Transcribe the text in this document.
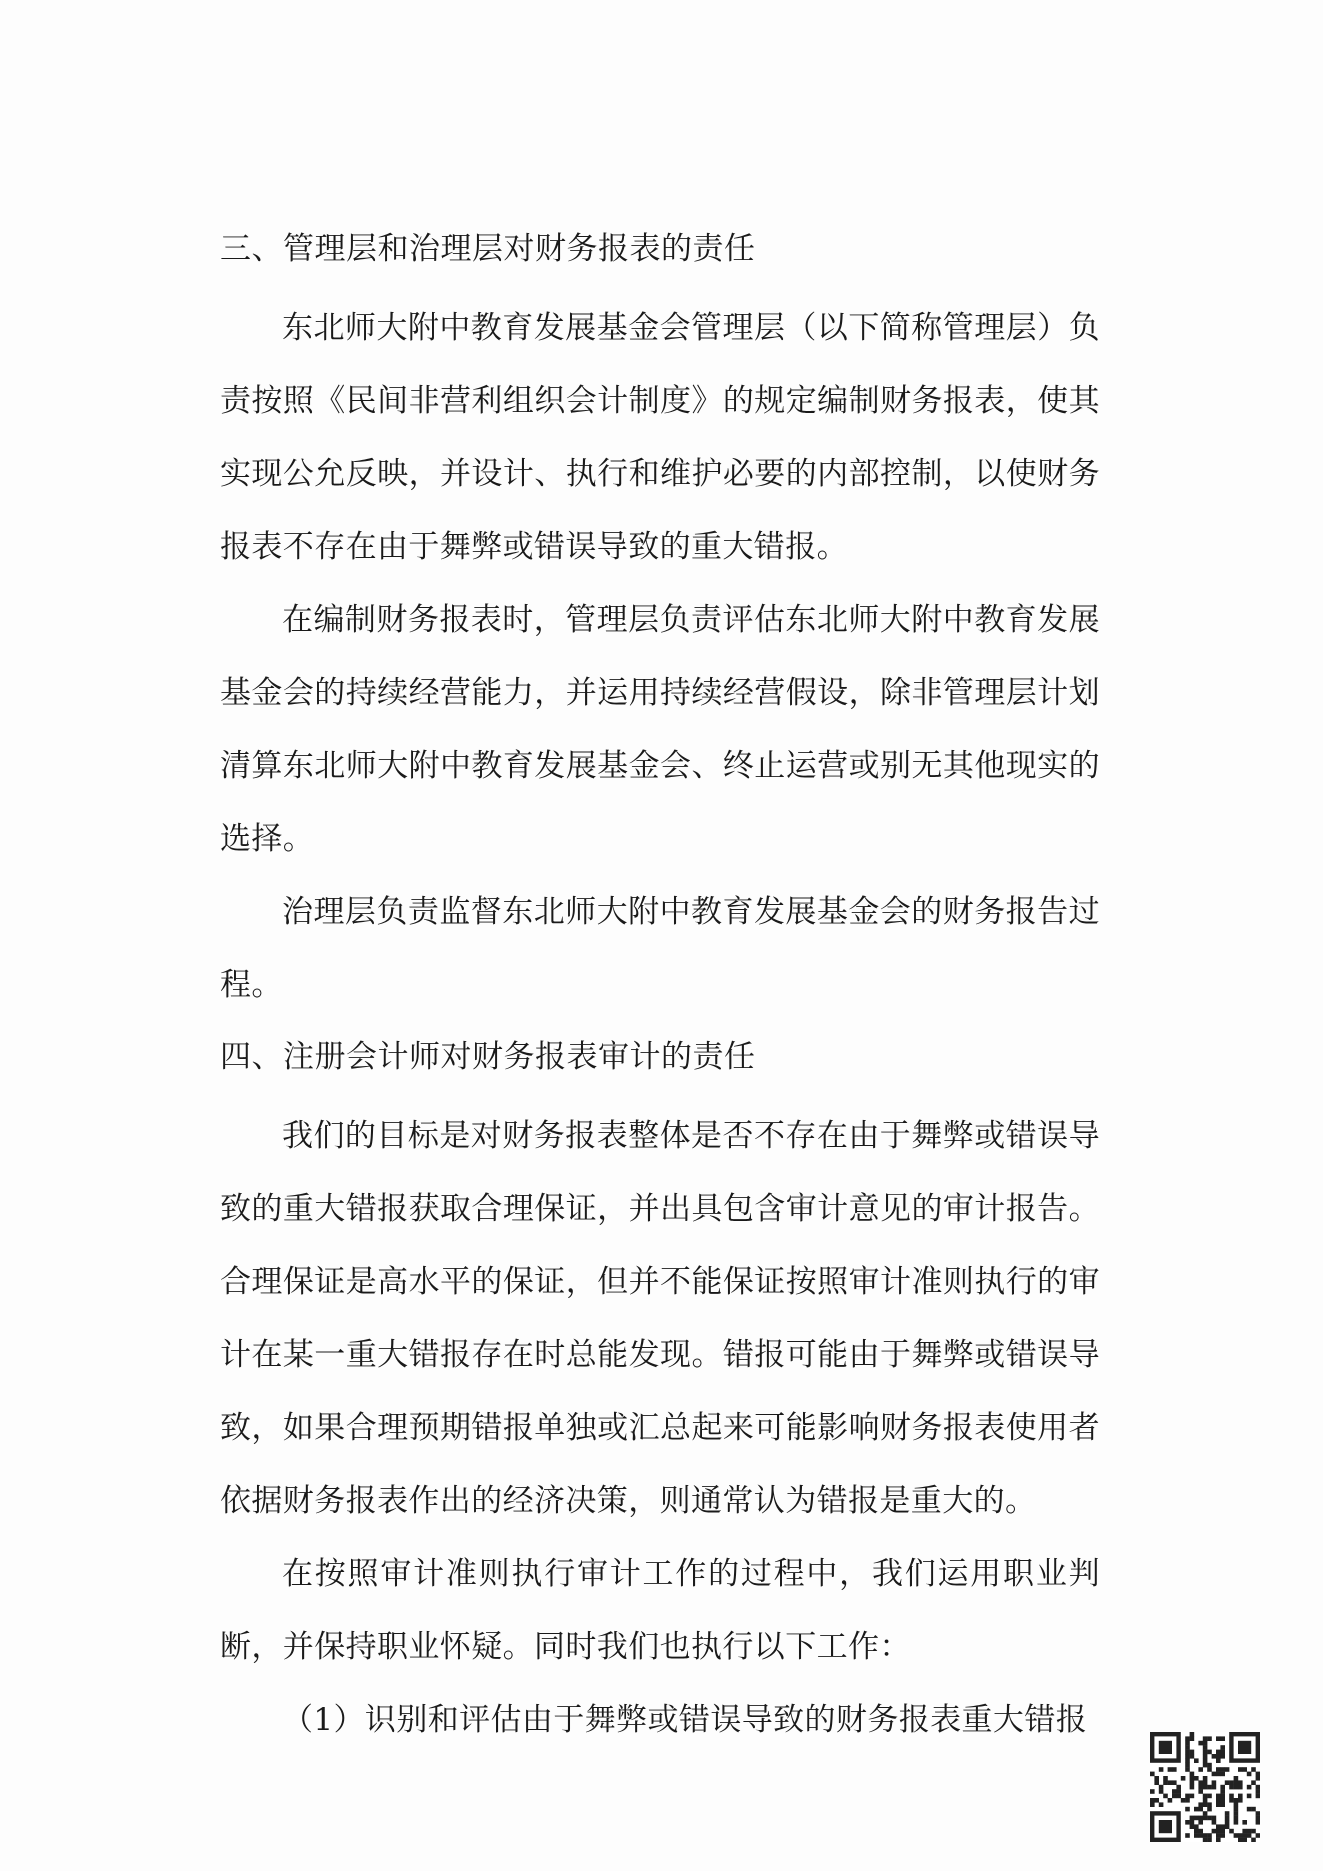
三、管理层和治理层对财务报表的责任

东北师大附中教育发展基金会管理层（以下简称管理层）负责按照《民间非营利组织会计制度》的规定编制财务报表，使其实现公允反映，并设计、执行和维护必要的内部控制，以使财务报表不存在由于舞弊或错误导致的重大错报。

在编制财务报表时，管理层负责评估东北师大附中教育发展基金会的持续经营能力，并运用持续经营假设，除非管理层计划清算东北师大附中教育发展基金会、终止运营或别无其他现实的选择。

治理层负责监督东北师大附中教育发展基金会的财务报告过程。

四、注册会计师对财务报表审计的责任

我们的目标是对财务报表整体是否不存在由于舞弊或错误导致的重大错报获取合理保证，并出具包含审计意见的审计报告。合理保证是高水平的保证，但并不能保证按照审计准则执行的审计在某一重大错报存在时总能发现。错报可能由于舞弊或错误导致，如果合理预期错报单独或汇总起来可能影响财务报表使用者依据财务报表作出的经济决策，则通常认为错报是重大的。

在按照审计准则执行审计工作的过程中，我们运用职业判断，并保持职业怀疑。同时我们也执行以下工作：

（1）识别和评估由于舞弊或错误导致的财务报表重大错报
